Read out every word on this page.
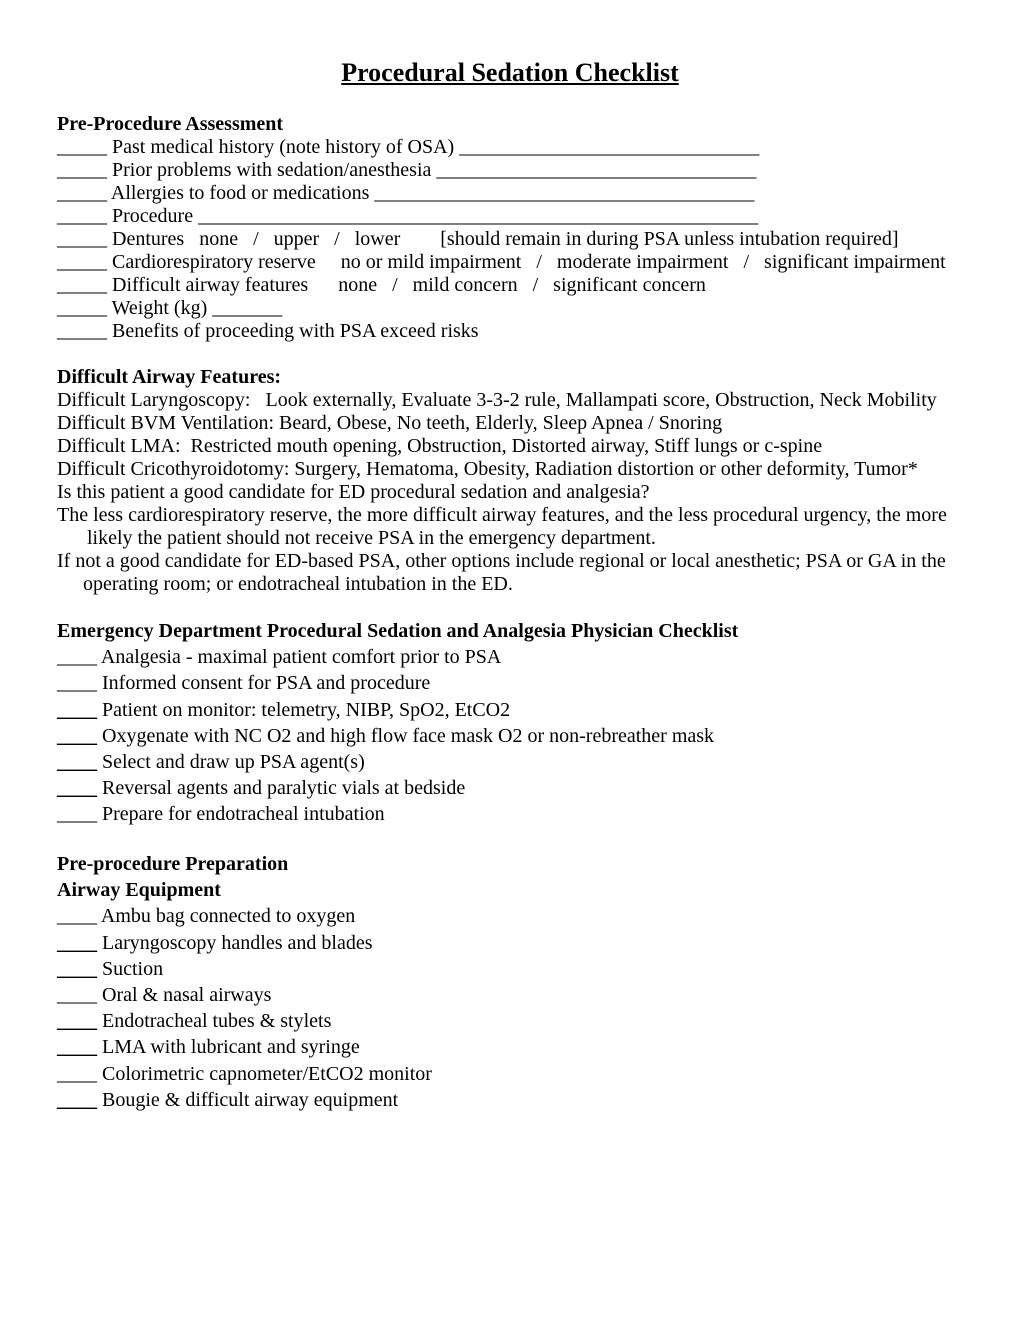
Procedural Sedation Checklist
Pre-Procedure Assessment
_____ Past medical history (note history of OSA) ______________________________
_____ Prior problems with sedation/anesthesia ________________________________
_____ Allergies to food or medications ______________________________________
_____ Procedure ________________________________________________________
_____ Dentures   none   /   upper   /   lower        [should remain in during PSA unless intubation required]
_____ Cardiorespiratory reserve     no or mild impairment   /   moderate impairment   /   significant impairment
_____ Difficult airway features      none   /   mild concern   /   significant concern
_____ Weight (kg) _______
_____ Benefits of proceeding with PSA exceed risks
Difficult Airway Features:
Difficult Laryngoscopy:   Look externally, Evaluate 3-3-2 rule, Mallampati score, Obstruction, Neck Mobility
Difficult BVM Ventilation: Beard, Obese, No teeth, Elderly, Sleep Apnea / Snoring
Difficult LMA:  Restricted mouth opening, Obstruction, Distorted airway, Stiff lungs or c-spine
Difficult Cricothyroidotomy: Surgery, Hematoma, Obesity, Radiation distortion or other deformity, Tumor*
Is this patient a good candidate for ED procedural sedation and analgesia?
The less cardiorespiratory reserve, the more difficult airway features, and the less procedural urgency, the more
likely the patient should not receive PSA in the emergency department.
If not a good candidate for ED-based PSA, other options include regional or local anesthetic; PSA or GA in the
operating room; or endotracheal intubation in the ED.
Emergency Department Procedural Sedation and Analgesia Physician Checklist
____ Analgesia - maximal patient comfort prior to PSA
____ Informed consent for PSA and procedure
____ Patient on monitor: telemetry, NIBP, SpO2, EtCO2
____ Oxygenate with NC O2 and high flow face mask O2 or non-rebreather mask
____ Select and draw up PSA agent(s)
____ Reversal agents and paralytic vials at bedside
____ Prepare for endotracheal intubation
Pre-procedure Preparation
Airway Equipment
____ Ambu bag connected to oxygen
____ Laryngoscopy handles and blades
____ Suction
____ Oral & nasal airways
____ Endotracheal tubes & stylets
____ LMA with lubricant and syringe
____ Colorimetric capnometer/EtCO2 monitor
____ Bougie & difficult airway equipment
